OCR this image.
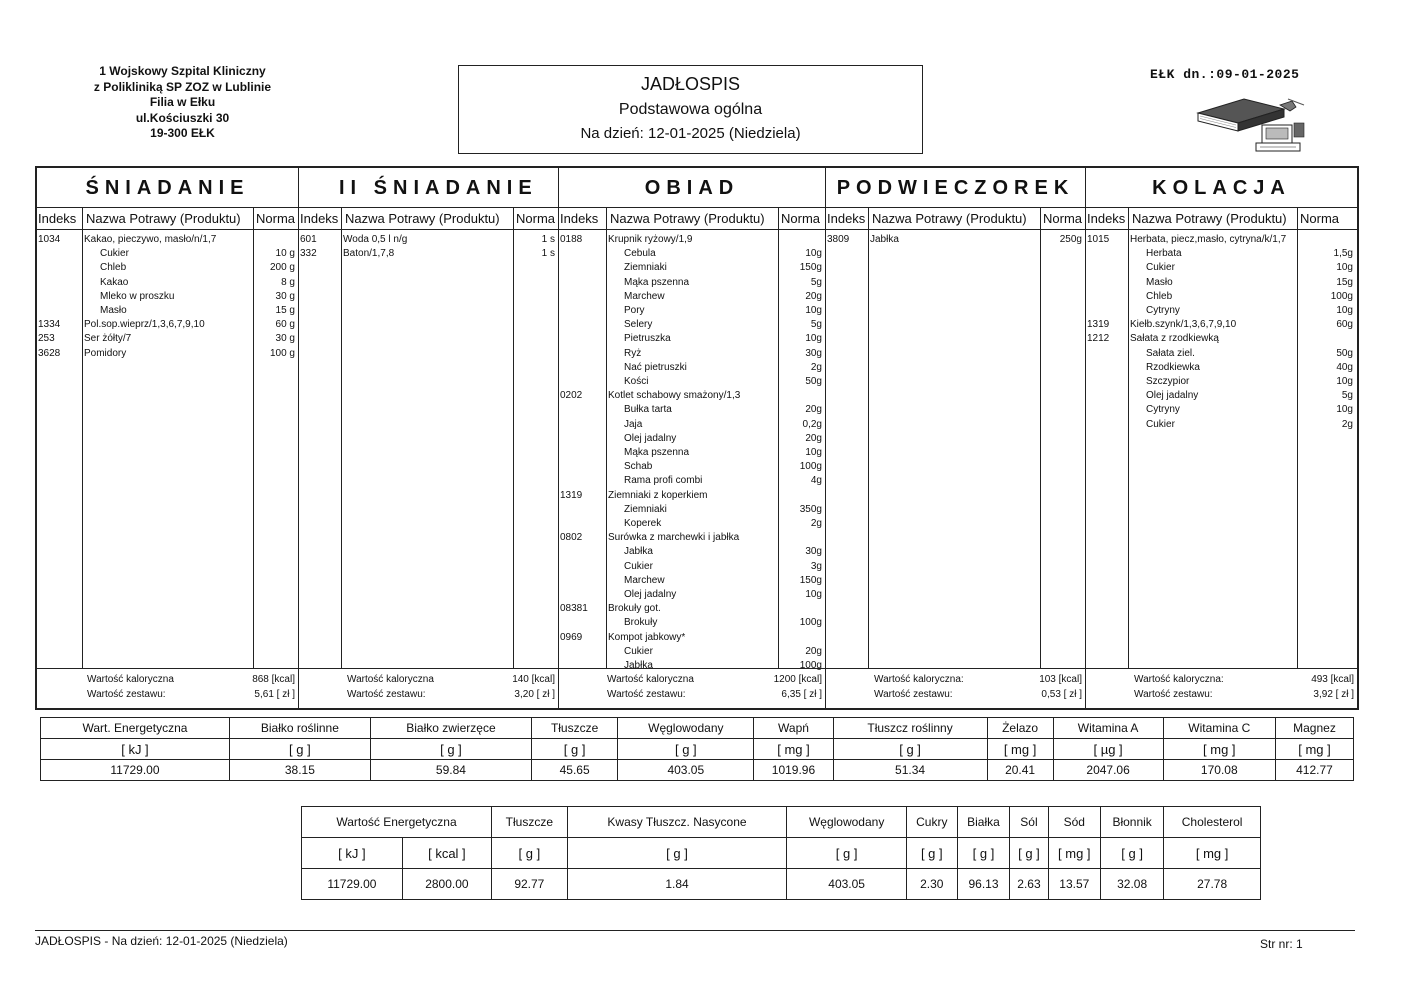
1 Wojskowy Szpital Kliniczny
z Polikliniką SP ZOZ w Lublinie
Filia w Ełku
ul.Kościuszki 30
19-300 EŁK
JADŁOSPIS
Podstawowa ogólna
Na dzień: 12-01-2025 (Niedziela)
EŁK dn.:09-01-2025
ŚNIADANIE
Indeks Nazwa Potrawy (Produktu) Norma
1034 Kakao, pieczywo, masło/n/1,7
Cukier	10 g
Chleb	200 g
Kakao	8 g
Mleko w proszku	30 g
Masło	15 g
1334 Pol.sop.wieprz/1,3,6,7,9,10	60 g
253	Ser żółty/7	30 g
3628 Pomidory	100 g
Wartość kaloryczna	868 [kcal]
Wartość zestawu:	5,61 [ zł ]
II ŚNIADANIE
Indeks Nazwa Potrawy (Produktu) Norma
601	Woda 0,5 l n/g	1 s
332	Baton/1,7,8	1 s
Wartość kaloryczna	140 [kcal]
Wartość zestawu:	3,20 [ zł ]
OBIAD
Indeks Nazwa Potrawy (Produktu) Norma
0188	Krupnik ryżowy/1,9
Cebula	10g
Ziemniaki	150g
Mąka pszenna	5g
Marchew	20g
Pory	10g
Selery	5g
Pietruszka	10g
Ryż	30g
Nać pietruszki	2g
Kości	50g
0202	Kotlet schabowy smażony/1,3
Bułka tarta	20g
Jaja	0,2g
Olej jadalny	20g
Mąka pszenna	10g
Schab	100g
Rama profi combi	4g
1319	Ziemniaki z koperkiem
Ziemniaki	350g
Koperek	2g
0802	Surówka z marchewki i jabłka
Jabłka	30g
Cukier	3g
Marchew	150g
Olej jadalny	10g
08381 Brokuły got.
Brokuły	100g
0969	Kompot jabkowy*
Cukier	20g
Jabłka	100g
Wartość kaloryczna	1200 [kcal]
Wartość zestawu:	6,35 [ zł ]
PODWIECZOREK
Indeks Nazwa Potrawy (Produktu) Norma
3809 Jabłka	250g
Wartość kaloryczna:	103 [kcal]
Wartość zestawu:	0,53 [ zł ]
KOLACJA
Indeks Nazwa Potrawy (Produktu) Norma
1015 Herbata, piecz,masło, cytryna/k/1,7
Herbata	1,5g
Cukier	10g
Masło	15g
Chleb	100g
Cytryny	10g
1319 Kiełb.szynk/1,3,6,7,9,10	60g
1212 Sałata z rzodkiewką
Sałata ziel.	50g
Rzodkiewka	40g
Szczypior	10g
Olej jadalny	5g
Cytryny	10g
Cukier	2g
Wartość kaloryczna:	493 [kcal]
Wartość zestawu:	3,92 [ zł ]
Wart. Energetyczna	Białko roślinne	Białko zwierzęce	Tłuszcze	Węglowodany	Wapń	Tłuszcz roślinny	Żelazo	Witamina A	Witamina C	Magnez
[ kJ ]	[ g ]	[ g ]	[ g ]	[ g ]	[ mg ]	[ g ]	[ mg ]	[ µg ]	[ mg ]	[ mg ]
11729.00	38.15	59.84	45.65	403.05	1019.96	51.34	20.41	2047.06	170.08	412.77
Wartość Energetyczna		Tłuszcze	Kwasy Tłuszcz. Nasycone	Węglowodany	Cukry	Białka	Sól	Sód	Błonnik	Cholesterol
[ kJ ]	[ kcal ]	[ g ]	[ g ]	[ g ]	[ g ]	[ g ]	[ g ]	[ mg ]	[ g ]	[ mg ]
11729.00	2800.00	92.77	1.84	403.05	2.30	96.13	2.63	13.57	32.08	27.78
JADŁOSPIS - Na dzień: 12-01-2025 (Niedziela)	Str nr: 1
